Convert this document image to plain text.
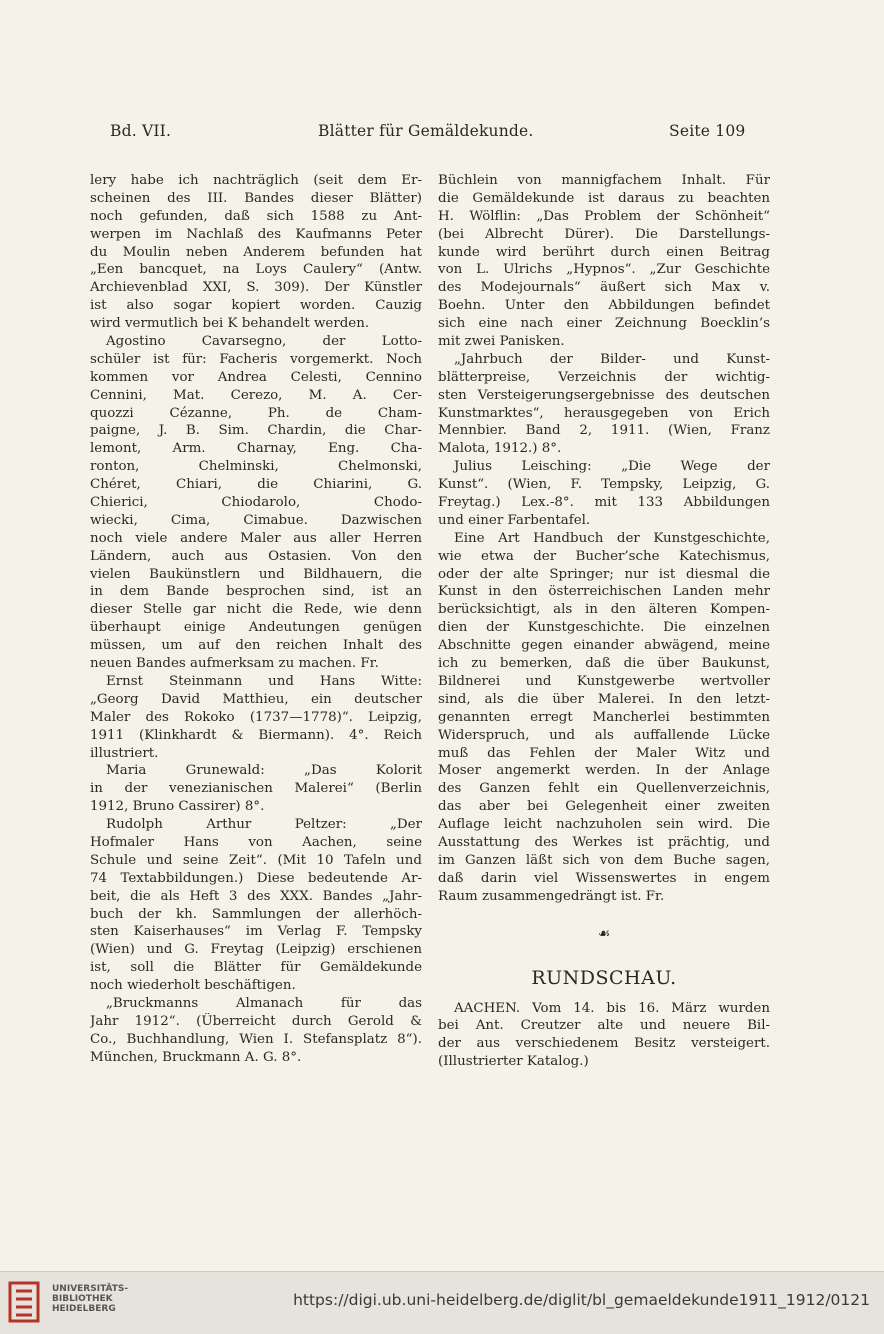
Bd. VII.	Blätter für Gemäldekunde.	Seite 109
lery habe ich nachträglich (seit dem Er-
scheinen des III. Bandes dieser Blätter)
noch gefunden, daß sich 1588 zu Ant-
werpen im Nachlaß des Kaufmanns Peter
du Moulin neben Anderem befunden hat
„Een bancquet, na Loys Caulery“ (Antw.
Archievenblad XXI, S. 309). Der Künstler
ist also sogar kopiert worden. Cauzig
wird vermutlich bei K behandelt werden.
Agostino Cavarsegno, der Lotto-
schüler ist für: Facheris vorgemerkt. Noch
kommen vor Andrea Celesti, Cennino
Cennini, Mat. Cerezo, M. A. Cer-
quozzi Cézanne, Ph. de Cham-
paigne, J. B. Sim. Chardin, die Char-
lemont, Arm. Charnay, Eng. Cha-
ronton, Chelminski, Chelmonski,
Chéret, Chiari, die Chiarini, G.
Chierici, Chiodarolo, Chodo-
wiecki, Cima, Cimabue. Dazwischen
noch viele andere Maler aus aller Herren
Ländern, auch aus Ostasien. Von den
vielen Baukünstlern und Bildhauern, die
in dem Bande besprochen sind, ist an
dieser Stelle gar nicht die Rede, wie denn
überhaupt einige Andeutungen genügen
müssen, um auf den reichen Inhalt des
neuen Bandes aufmerksam zu machen. Fr.
Ernst Steinmann und Hans Witte:
„Georg David Matthieu, ein deutscher
Maler des Rokoko (1737—1778)“. Leipzig,
1911 (Klinkhardt & Biermann). 4°. Reich
illustriert.
Maria Grunewald: „Das Kolorit
in der venezianischen Malerei“ (Berlin
1912, Bruno Cassirer) 8°.
Rudolph Arthur Peltzer: „Der
Hofmaler Hans von Aachen, seine
Schule und seine Zeit“. (Mit 10 Tafeln und
74 Textabbildungen.) Diese bedeutende Ar-
beit, die als Heft 3 des XXX. Bandes „Jahr-
buch der kh. Sammlungen der allerhöch-
sten Kaiserhauses“ im Verlag F. Tempsky
(Wien) und G. Freytag (Leipzig) erschienen
ist, soll die Blätter für Gemäldekunde
noch wiederholt beschäftigen.
„Bruckmanns Almanach für das
Jahr 1912“. (Überreicht durch Gerold &
Co., Buchhandlung, Wien I. Stefansplatz 8“).
München, Bruckmann A. G. 8°.
Büchlein von mannigfachem Inhalt. Für
die Gemäldekunde ist daraus zu beachten
H. Wölflin: „Das Problem der Schönheit“
(bei Albrecht Dürer). Die Darstellungs-
kunde wird berührt durch einen Beitrag
von L. Ulrichs „Hypnos“. „Zur Geschichte
des Modejournals“ äußert sich Max v.
Boehn. Unter den Abbildungen befindet
sich eine nach einer Zeichnung Boecklin’s
mit zwei Panisken.
„Jahrbuch der Bilder- und Kunst-
blätterpreise, Verzeichnis der wichtig-
sten Versteigerungsergebnisse des deutschen
Kunstmarktes“, herausgegeben von Erich
Mennbier. Band 2, 1911. (Wien, Franz
Malota, 1912.) 8°.
Julius Leisching: „Die Wege der
Kunst“. (Wien, F. Tempsky, Leipzig, G.
Freytag.) Lex.-8°. mit 133 Abbildungen
und einer Farbentafel.
Eine Art Handbuch der Kunstgeschichte,
wie etwa der Bucher’sche Katechismus,
oder der alte Springer; nur ist diesmal die
Kunst in den österreichischen Landen mehr
berücksichtigt, als in den älteren Kompen-
dien der Kunstgeschichte. Die einzelnen
Abschnitte gegen einander abwägend, meine
ich zu bemerken, daß die über Baukunst,
Bildnerei und Kunstgewerbe wertvoller
sind, als die über Malerei. In den letzt-
genannten erregt Mancherlei bestimmten
Widerspruch, und als auffallende Lücke
muß das Fehlen der Maler Witz und
Moser angemerkt werden. In der Anlage
des Ganzen fehlt ein Quellenverzeichnis,
das aber bei Gelegenheit einer zweiten
Auflage leicht nachzuholen sein wird. Die
Ausstattung des Werkes ist prächtig, und
im Ganzen läßt sich von dem Buche sagen,
daß darin viel Wissenswertes in engem
Raum zusammengedrängt ist. Fr.
☙
RUNDSCHAU.
AACHEN. Vom 14. bis 16. März wurden
bei Ant. Creutzer alte und neuere Bil-
der aus verschiedenem Besitz versteigert.
(Illustrierter Katalog.)
UNIVERSITÄTS-
BIBLIOTHEK
HEIDELBERG	https://digi.ub.uni-heidelberg.de/diglit/bl_gemaeldekunde1911_1912/0121
